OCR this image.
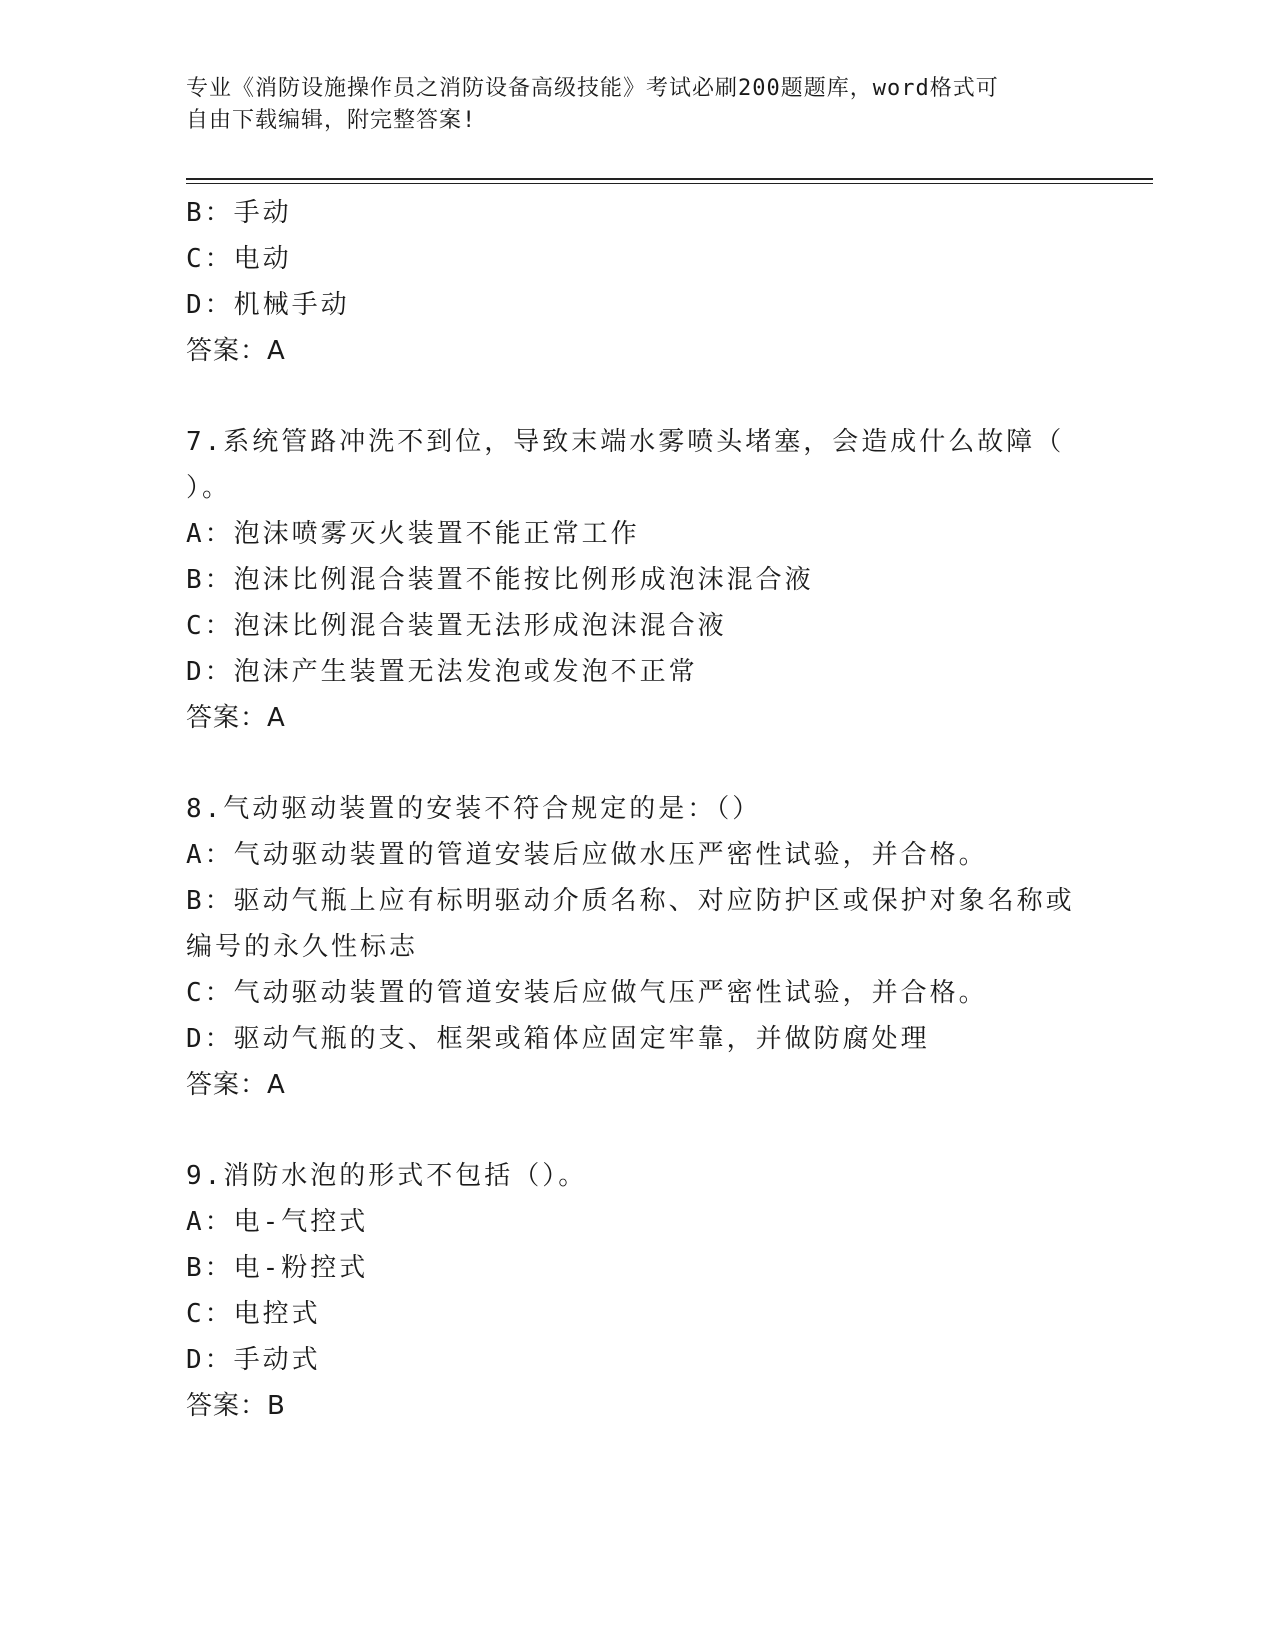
专业《消防设施操作员之消防设备高级技能》考试必刷200题题库，word格式可
自由下载编辑，附完整答案!
B：手动
C：电动
D：机械手动
答案：A
7.系统管路冲洗不到位，导致末端水雾喷头堵塞，会造成什么故障（
）。
A：泡沫喷雾灭火装置不能正常工作
B：泡沫比例混合装置不能按比例形成泡沫混合液
C：泡沫比例混合装置无法形成泡沫混合液
D：泡沫产生装置无法发泡或发泡不正常
答案：A
8.气动驱动装置的安装不符合规定的是：（）
A：气动驱动装置的管道安装后应做水压严密性试验，并合格。
B：驱动气瓶上应有标明驱动介质名称、对应防护区或保护对象名称或
编号的永久性标志
C：气动驱动装置的管道安装后应做气压严密性试验，并合格。
D：驱动气瓶的支、框架或箱体应固定牢靠，并做防腐处理
答案：A
9.消防水泡的形式不包括（）。
A：电-气控式
B：电-粉控式
C：电控式
D：手动式
答案：B
